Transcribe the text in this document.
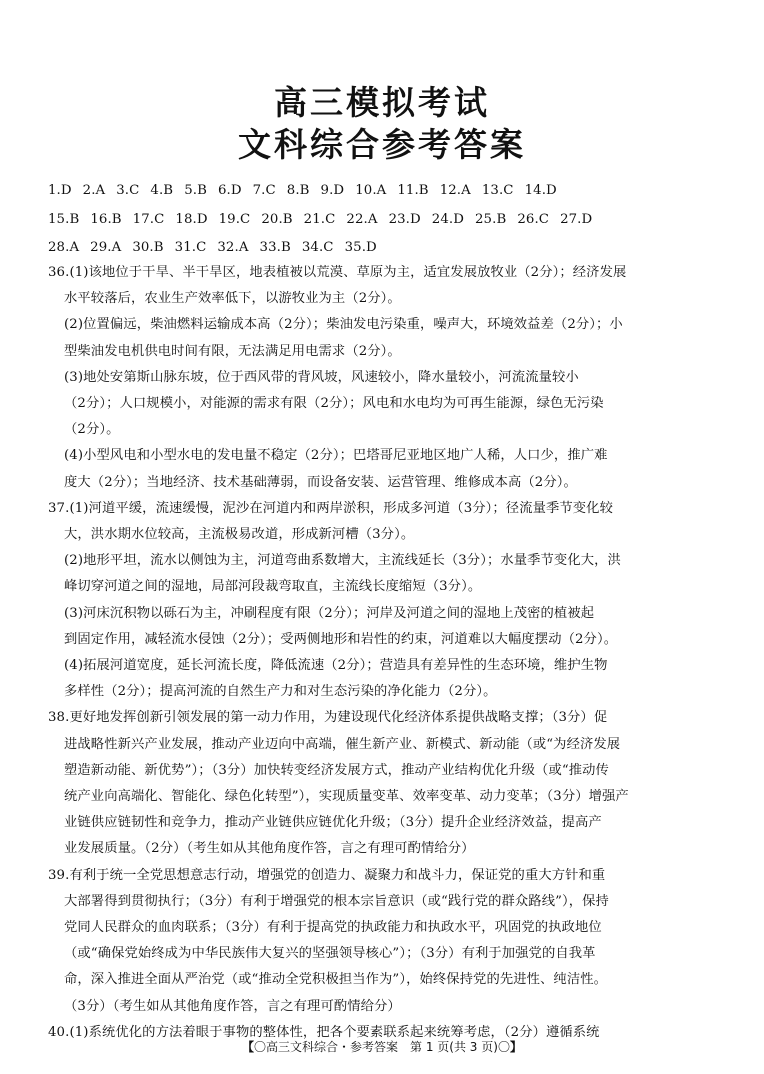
高三模拟考试
文科综合参考答案
1.D 2.A 3.C 4.B 5.B 6.D 7.C 8.B 9.D 10.A 11.B 12.A 13.C 14.D
15.B 16.B 17.C 18.D 19.C 20.B 21.C 22.A 23.D 24.D 25.B 26.C 27.D
28.A 29.A 30.B 31.C 32.A 33.B 34.C 35.D
36.(1)该地位于干旱、半干旱区，地表植被以荒漠、草原为主，适宜发展放牧业（2分）；经济发展
水平较落后，农业生产效率低下，以游牧业为主（2分）。
(2)位置偏远，柴油燃料运输成本高（2分）；柴油发电污染重，噪声大，环境效益差（2分）；小
型柴油发电机供电时间有限，无法满足用电需求（2分）。
(3)地处安第斯山脉东坡，位于西风带的背风坡，风速较小，降水量较小，河流流量较小
（2分）；人口规模小，对能源的需求有限（2分）；风电和水电均为可再生能源，绿色无污染
（2分）。
(4)小型风电和小型水电的发电量不稳定（2分）；巴塔哥尼亚地区地广人稀，人口少，推广难
度大（2分）；当地经济、技术基础薄弱，而设备安装、运营管理、维修成本高（2分）。
37.(1)河道平缓，流速缓慢，泥沙在河道内和两岸淤积，形成多河道（3分）；径流量季节变化较
大，洪水期水位较高，主流极易改道，形成新河槽（3分）。
(2)地形平坦，流水以侧蚀为主，河道弯曲系数增大，主流线延长（3分）；水量季节变化大，洪
峰切穿河道之间的湿地，局部河段裁弯取直，主流线长度缩短（3分）。
(3)河床沉积物以砾石为主，冲刷程度有限（2分）；河岸及河道之间的湿地上茂密的植被起
到固定作用，减轻流水侵蚀（2分）；受两侧地形和岩性的约束，河道难以大幅度摆动（2分）。
(4)拓展河道宽度，延长河流长度，降低流速（2分）；营造具有差异性的生态环境，维护生物
多样性（2分）；提高河流的自然生产力和对生态污染的净化能力（2分）。
38.更好地发挥创新引领发展的第一动力作用，为建设现代化经济体系提供战略支撑；（3分）促
进战略性新兴产业发展，推动产业迈向中高端，催生新产业、新模式、新动能（或“为经济发展
塑造新动能、新优势”）；（3分）加快转变经济发展方式，推动产业结构优化升级（或“推动传
统产业向高端化、智能化、绿色化转型”），实现质量变革、效率变革、动力变革；（3分）增强产
业链供应链韧性和竞争力，推动产业链供应链优化升级；（3分）提升企业经济效益，提高产
业发展质量。（2分）（考生如从其他角度作答，言之有理可酌情给分）
39.有利于统一全党思想意志行动，增强党的创造力、凝聚力和战斗力，保证党的重大方针和重
大部署得到贯彻执行；（3分）有利于增强党的根本宗旨意识（或“践行党的群众路线”），保持
党同人民群众的血肉联系；（3分）有利于提高党的执政能力和执政水平，巩固党的执政地位
（或“确保党始终成为中华民族伟大复兴的坚强领导核心”）；（3分）有利于加强党的自我革
命，深入推进全面从严治党（或“推动全党积极担当作为”），始终保持党的先进性、纯洁性。
（3分）（考生如从其他角度作答，言之有理可酌情给分）
40.(1)系统优化的方法着眼于事物的整体性，把各个要素联系起来统筹考虑，（2分）遵循系统
【〇高三文科综合・参考答案　第 1 页(共 3 页)〇】
